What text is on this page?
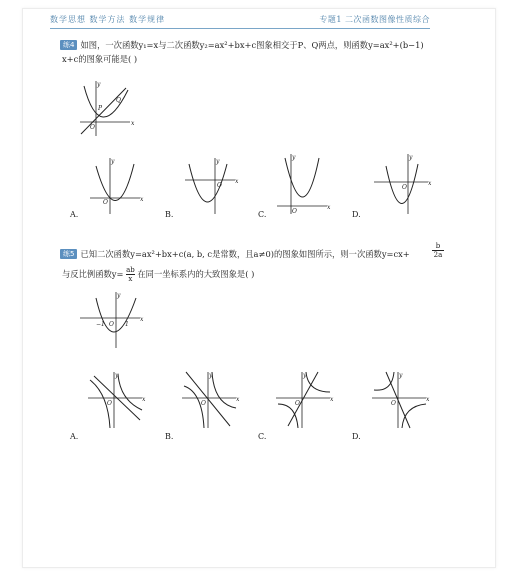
数学思想 数学方法 数学规律	专题1 二次函数图像性质综合
练4 如图，一次函数y₁=x与二次函数y₂=ax²+bx+c图象相交于P、Q两点，则函数y=ax²+(b−1)
x+c的图象可能是( )
y
x
O
P
Q
y
x
O
A.
y
x
O
B.
y
x
O
C.
y
x
O
D.
练5 已知二次函数y=ax²+bx+c(a, b, c是常数，且a≠0)的图象如图所示，则一次函数y=cx+	$\frac{b}{2a}$
与反比例函数$y= \frac{ab}{x}$ 在同一坐标系内的大致图象是( )
y
x
−1 O 1
y
x
O
A.
y
x
O
B.
y
x
O
C.
y
x
O
D.
